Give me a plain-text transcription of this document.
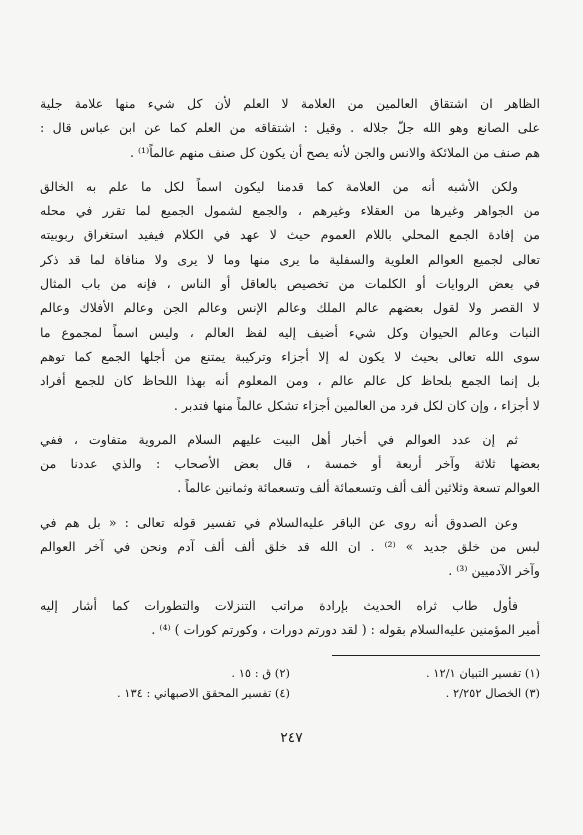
الظاهر ان اشتقاق العالمين من العلامة لا العلم لأن كل شيء منها علامة جلية
على الصانع وهو الله جلّ جلاله . وقيل : اشتقاقه من العلم كما عن ابن عباس قال :
هم صنف من الملائكة والانس والجن لأنه يصح أن يكون كل صنف منهم عالماً⁽¹⁾ .
ولكن الأشبه أنه من العلامة كما قدمنا ليكون اسماً لكل ما علم به الخالق
من الجواهر وغيرها من العقلاء وغيرهم ، والجمع لشمول الجميع لما تقرر في محله
من إفادة الجمع المحلي باللام العموم حيث لا عهد في الكلام فيفيد استغراق ربوبيته
تعالى لجميع العوالم العلوية والسفلية ما يرى منها وما لا يرى ولا منافاة لما قد ذكر
في بعض الروايات أو الكلمات من تخصيص بالعاقل أو الناس ، فإنه من باب المثال
لا القصر ولا لقول بعضهم عالم الملك وعالم الإنس وعالم الجن وعالم الأفلاك وعالم
النبات وعالم الحيوان وكل شيء أضيف إليه لفظ العالم ، وليس اسماً لمجموع ما
سوى الله تعالى بحيث لا يكون له إلا أجزاء وتركيبة يمتنع من أجلها الجمع كما توهم
بل إنما الجمع بلحاظ كل عالم عالم ، ومن المعلوم أنه بهذا اللحاظ كان للجمع أفراد
لا أجزاء ، وإن كان لكل فرد من العالمين أجزاء تشكل عالماً منها فتدبر .
ثم إن عدد العوالم في أخبار أهل البيت عليهم السلام المروية متفاوت ، ففي
بعضها ثلاثة وآخر أربعة أو خمسة ، قال بعض الأصحاب : والذي عددنا من
العوالم تسعة وثلاثين ألف ألف وتسعمائة ألف وتسعمائة وثمانين عالماً .
وعن الصدوق أنه روى عن الباقر عليه‌السلام في تفسير قوله تعالى : « بل هم في
لبس من خلق جديد » ⁽²⁾ . ان الله قد خلق ألف ألف آدم ونحن في آخر العوالم
وآخر الآدميين ⁽³⁾ .
فأول طاب ثراه الحديث بإرادة مراتب التنزلات والتطورات كما أشار إليه
أمير المؤمنين عليه‌السلام بقوله : ( لقد دورتم دورات ، وكورتم كورات ) ⁽⁴⁾ .
(١) تفسير التبيان ١٢/١ .
(٢) ق : ١٥ .
(٣) الخصال ٢/٢٥٢ .
(٤) تفسير المحقق الاصبهاني : ١٣٤ .
٢٤٧
